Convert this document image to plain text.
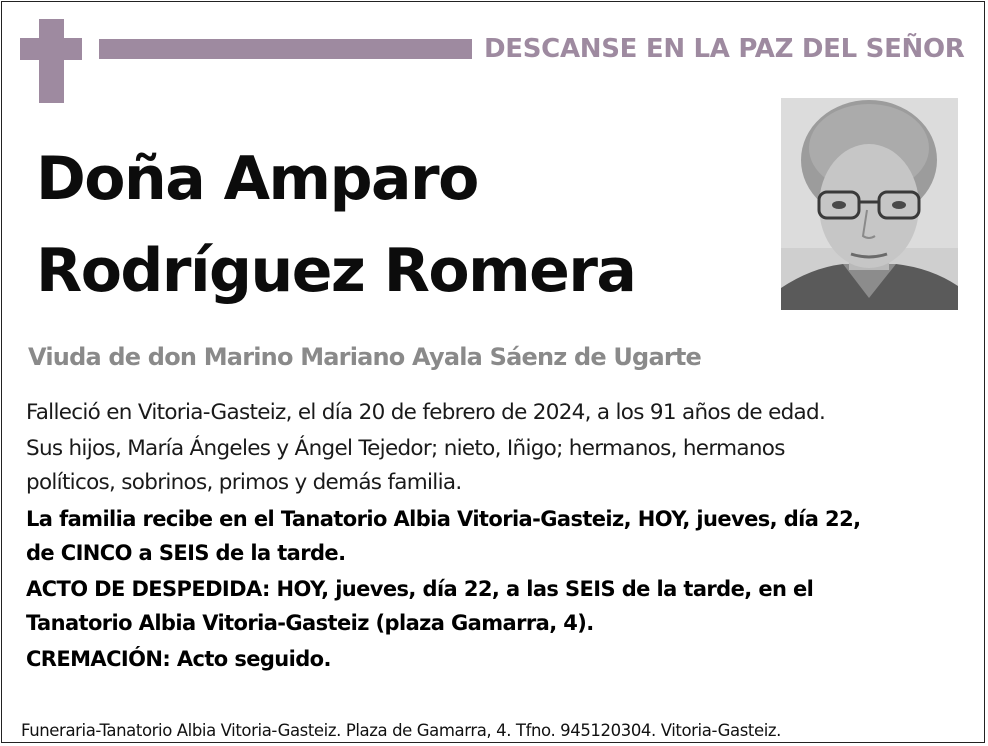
DESCANSE EN LA PAZ DEL SEÑOR
Doña Amparo
Rodríguez Romera
Viuda de don Marino Mariano Ayala Sáenz de Ugarte

Falleció en Vitoria-Gasteiz, el día 20 de febrero de 2024, a los 91 años de edad.

Sus hijos, María Ángeles y Ángel Tejedor; nieto, Iñigo; hermanos, hermanos

políticos, sobrinos, primos y demás familia.

La familia recibe en el Tanatorio Albia Vitoria-Gasteiz, HOY, jueves, día 22,

de CINCO a SEIS de la tarde.

ACTO DE DESPEDIDA: HOY, jueves, día 22, a las SEIS de la tarde, en el

Tanatorio Albia Vitoria-Gasteiz (plaza Gamarra, 4).

CREMACIÓN: Acto seguido.

Funeraria-Tanatorio Albia Vitoria-Gasteiz. Plaza de Gamarra, 4. Tfno. 945120304. Vitoria-Gasteiz.
